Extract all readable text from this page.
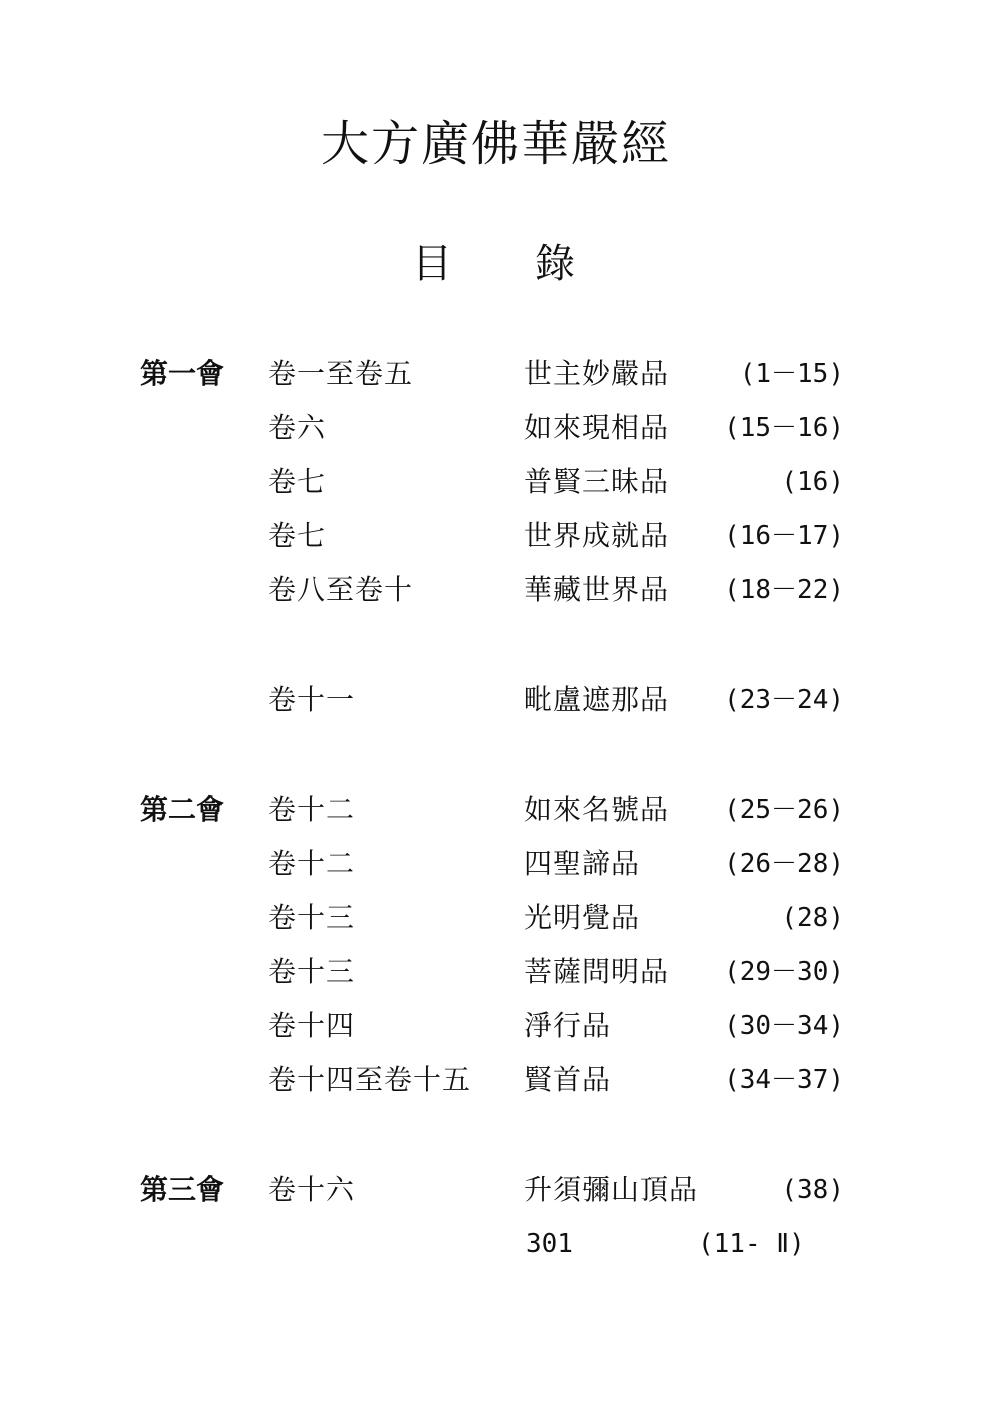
大方廣佛華嚴經
目 錄
第一會 卷一至卷五	世主妙嚴品	(1－15)
卷六	如來現相品 (15－16)
卷七	普賢三昧品	(16)
卷七	世界成就品 (16－17)
卷八至卷十	華藏世界品 (18－22)
卷十一	毗盧遮那品 (23－24)
第二會 卷十二	如來名號品 (25－26)
卷十二	四聖諦品	(26－28)
卷十三	光明覺品	(28)
卷十三	菩薩問明品 (29－30)
卷十四	淨行品	(30－34)
卷十四至卷十五 賢首品	(34－37)
第三會 卷十六	升須彌山頂品	(38)
301	(11- Ⅱ)
